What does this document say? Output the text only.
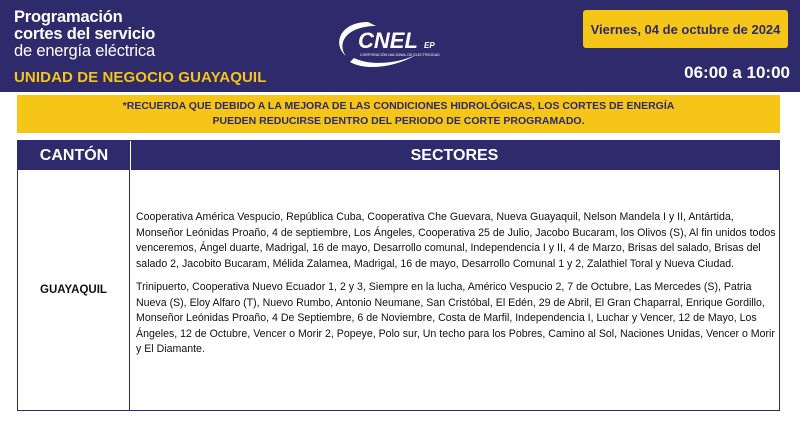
Programación
cortes del servicio
de energía eléctrica
UNIDAD DE NEGOCIO GUAYAQUIL
CNEL EP
CORPORACIÓN NACIONAL DE ELECTRICIDAD
Viernes, 04 de octubre de 2024
06:00 a 10:00
*RECUERDA QUE DEBIDO A LA MEJORA DE LAS CONDICIONES HIDROLÓGICAS, LOS CORTES DE ENERGÍA
PUEDEN REDUCIRSE DENTRO DEL PERIODO DE CORTE PROGRAMADO.
CANTÓN	SECTORES
GUAYAQUIL

Cooperativa América Vespucio, República Cuba, Cooperativa Che Guevara, Nueva Guayaquil, Nelson Mandela I y II, Antártida, Monseñor Leónidas Proaño, 4 de septiembre, Los Ángeles, Cooperativa 25 de Julio, Jacobo Bucaram, los Olivos (S), Al fin unidos todos venceremos, Ángel duarte, Madrigal, 16 de mayo, Desarrollo comunal, Independencia I y II, 4 de Marzo, Brisas del salado, Brisas del salado 2, Jacobito Bucaram, Mélida Zalamea, Madrigal, 16 de mayo, Desarrollo Comunal 1 y 2, Zalathiel Toral y Nueva Ciudad.

Trinipuerto, Cooperativa Nuevo Ecuador 1, 2 y 3, Siempre en la lucha, Américo Vespucio 2, 7 de Octubre, Las Mercedes (S), Patria Nueva (S), Eloy Alfaro (T), Nuevo Rumbo, Antonio Neumane, San Cristóbal, El Edén, 29 de Abril, El Gran Chaparral, Enrique Gordillo, Monseñor Leónidas Proaño, 4 De Septiembre, 6 de Noviembre, Costa de Marfil, Independencia I, Luchar y Vencer, 12 de Mayo, Los Ángeles, 12 de Octubre, Vencer o Morir 2, Popeye, Polo sur, Un techo para los Pobres, Camino al Sol, Naciones Unidas, Vencer o Morir y El Diamante.
